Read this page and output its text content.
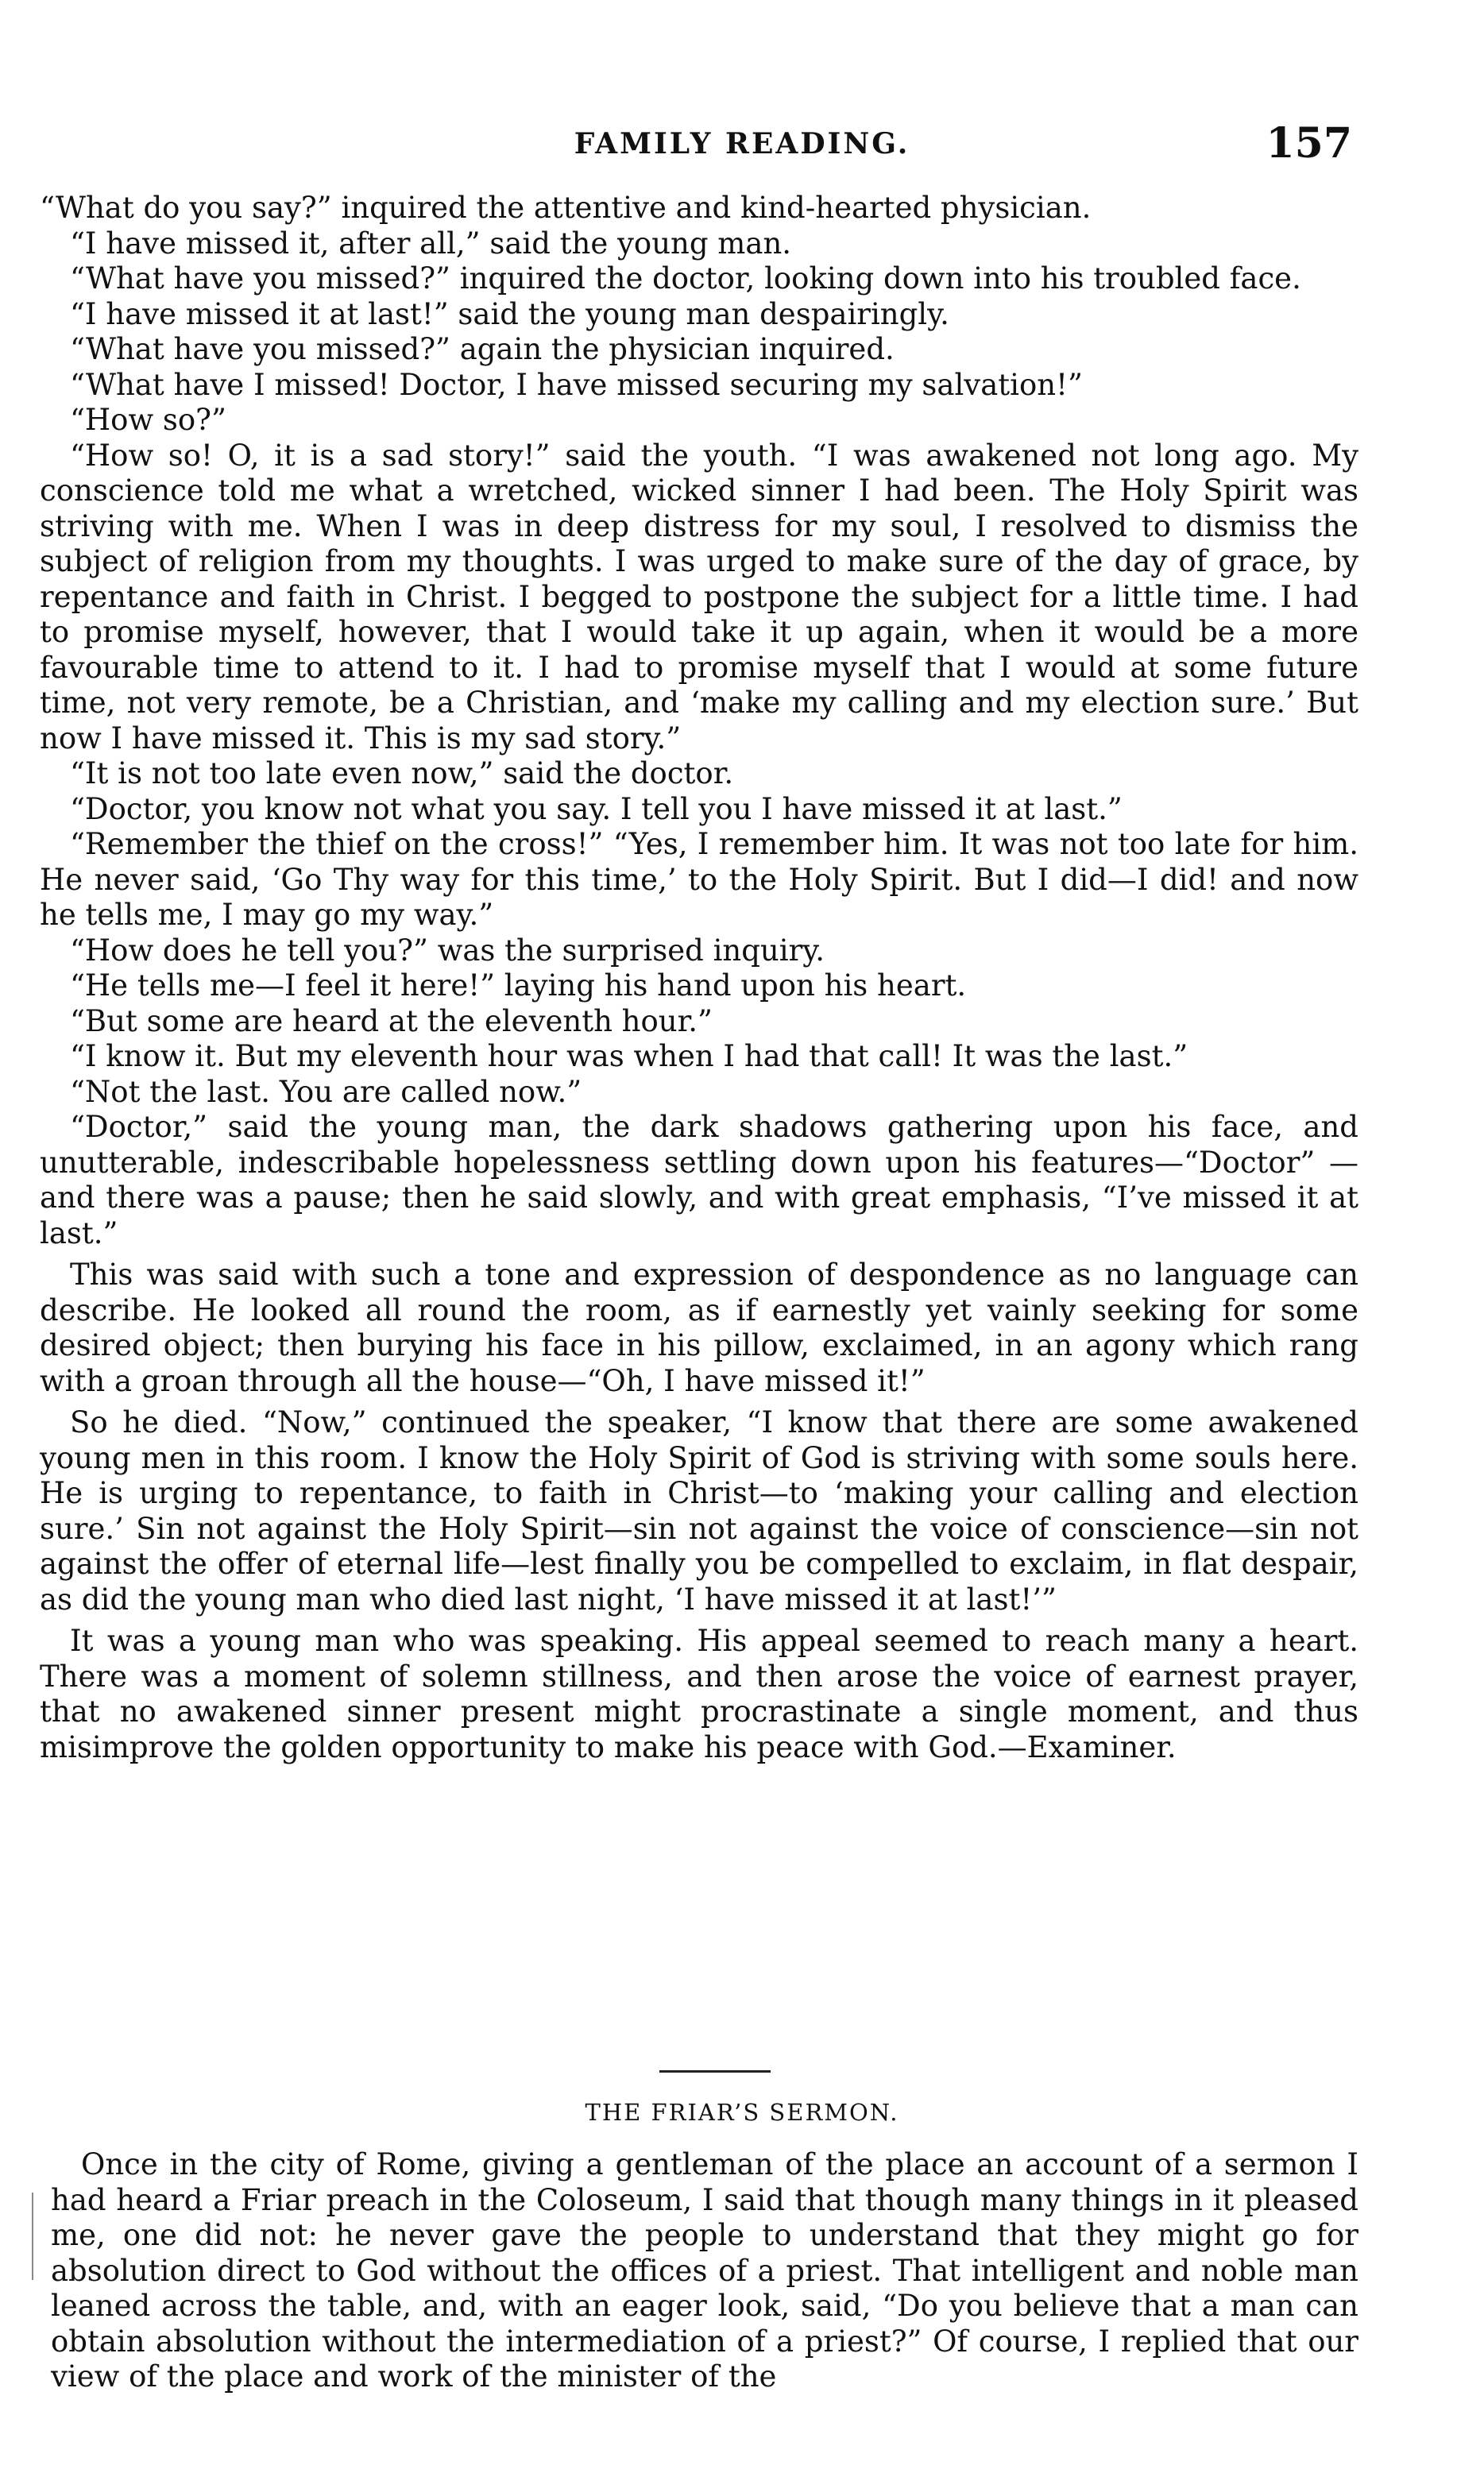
FAMILY READING.	157

“What do you say?” inquired the attentive and kind-hearted physician.

“I have missed it, after all,” said the young man.

“What have you missed?” inquired the doctor, looking down into his troubled face.

“I have missed it at last!” said the young man despairingly.

“What have you missed?” again the physician inquired.

“What have I missed! Doctor, I have missed securing my salvation!”

“How so?”

“How so! O, it is a sad story!” said the youth. “I was awakened not long ago. My conscience told me what a wretched, wicked sinner I had been. The Holy Spirit was striving with me. When I was in deep distress for my soul, I resolved to dismiss the subject of religion from my thoughts. I was urged to make sure of the day of grace, by repentance and faith in Christ. I begged to postpone the subject for a little time. I had to promise myself, however, that I would take it up again, when it would be a more favourable time to attend to it. I had to promise myself that I would at some future time, not very remote, be a Christian, and ‘make my calling and my election sure.’ But now I have missed it. This is my sad story.”

“It is not too late even now,” said the doctor.

“Doctor, you know not what you say. I tell you I have missed it at last.”

“Remember the thief on the cross!” “Yes, I remember him. It was not too late for him. He never said, ‘Go Thy way for this time,’ to the Holy Spirit. But I did—I did! and now he tells me, I may go my way.”

“How does he tell you?” was the surprised inquiry.

“He tells me—I feel it here!” laying his hand upon his heart.

“But some are heard at the eleventh hour.”

“I know it. But my eleventh hour was when I had that call! It was the last.”

“Not the last. You are called now.”

“Doctor,” said the young man, the dark shadows gathering upon his face, and unutterable, indescribable hopelessness settling down upon his features—“Doctor” —and there was a pause; then he said slowly, and with great emphasis, “I’ve missed it at last.”

This was said with such a tone and expression of despondence as no language can describe. He looked all round the room, as if earnestly yet vainly seeking for some desired object; then burying his face in his pillow, exclaimed, in an agony which rang with a groan through all the house—“Oh, I have missed it!”

So he died. “Now,” continued the speaker, “I know that there are some awakened young men in this room. I know the Holy Spirit of God is striving with some souls here. He is urging to repentance, to faith in Christ—to ‘making your calling and election sure.’ Sin not against the Holy Spirit—sin not against the voice of conscience—sin not against the offer of eternal life—lest finally you be compelled to exclaim, in flat despair, as did the young man who died last night, ‘I have missed it at last!’”

It was a young man who was speaking. His appeal seemed to reach many a heart. There was a moment of solemn stillness, and then arose the voice of earnest prayer, that no awakened sinner present might procrastinate a single moment, and thus misimprove the golden opportunity to make his peace with God.—Examiner.

THE FRIAR’S SERMON.

Once in the city of Rome, giving a gentleman of the place an account of a sermon I had heard a Friar preach in the Coloseum, I said that though many things in it pleased me, one did not: he never gave the people to understand that they might go for absolution direct to God without the offices of a priest. That intelligent and noble man leaned across the table, and, with an eager look, said, “Do you believe that a man can obtain absolution without the intermediation of a priest?” Of course, I replied that our view of the place and work of the minister of the
